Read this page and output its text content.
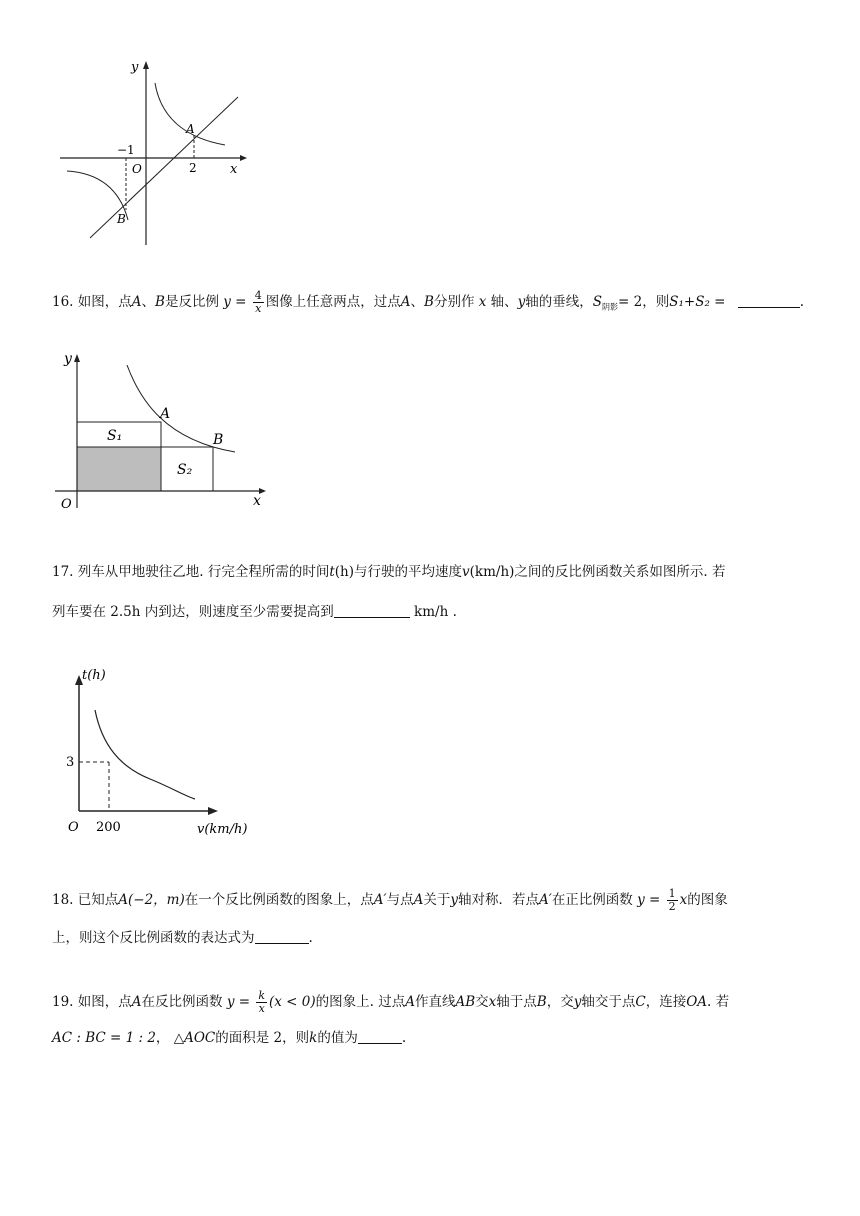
y
x
A
B
−1
O	2
16. 如图，点A、B是反比例 $y = \frac{4}{x}$ 图像上任意两点，过点A、B分别作 x 轴、y轴的垂线，$S_{阴影}= 2$，则S₁+S₂ =	.
y
x
O
A
B
S₁
S₂
17. 列车从甲地驶往乙地. 行完全程所需的时间t(h)与行驶的平均速度v(km/h)之间的反比例函数关系如图所示. 若
列车要在 2.5h 内到达，则速度至少需要提高到	km/h .
t(h)
v(km/h)
O
3
200
18. 已知点A(−2，m)在一个反比例函数的图象上，点A′与点A关于y轴对称．若点A′在正比例函数 $y = \frac{1}{2}$ x的图象
上，则这个反比例函数的表达式为	.
19. 如图，点A在反比例函数 $y = \frac{k}{x} (x < 0)$的图象上. 过点A作直线AB交x轴于点B，交y轴交于点C，连接OA. 若
AC : BC = 1 : 2， △AOC的面积是 2，则k的值为	.
